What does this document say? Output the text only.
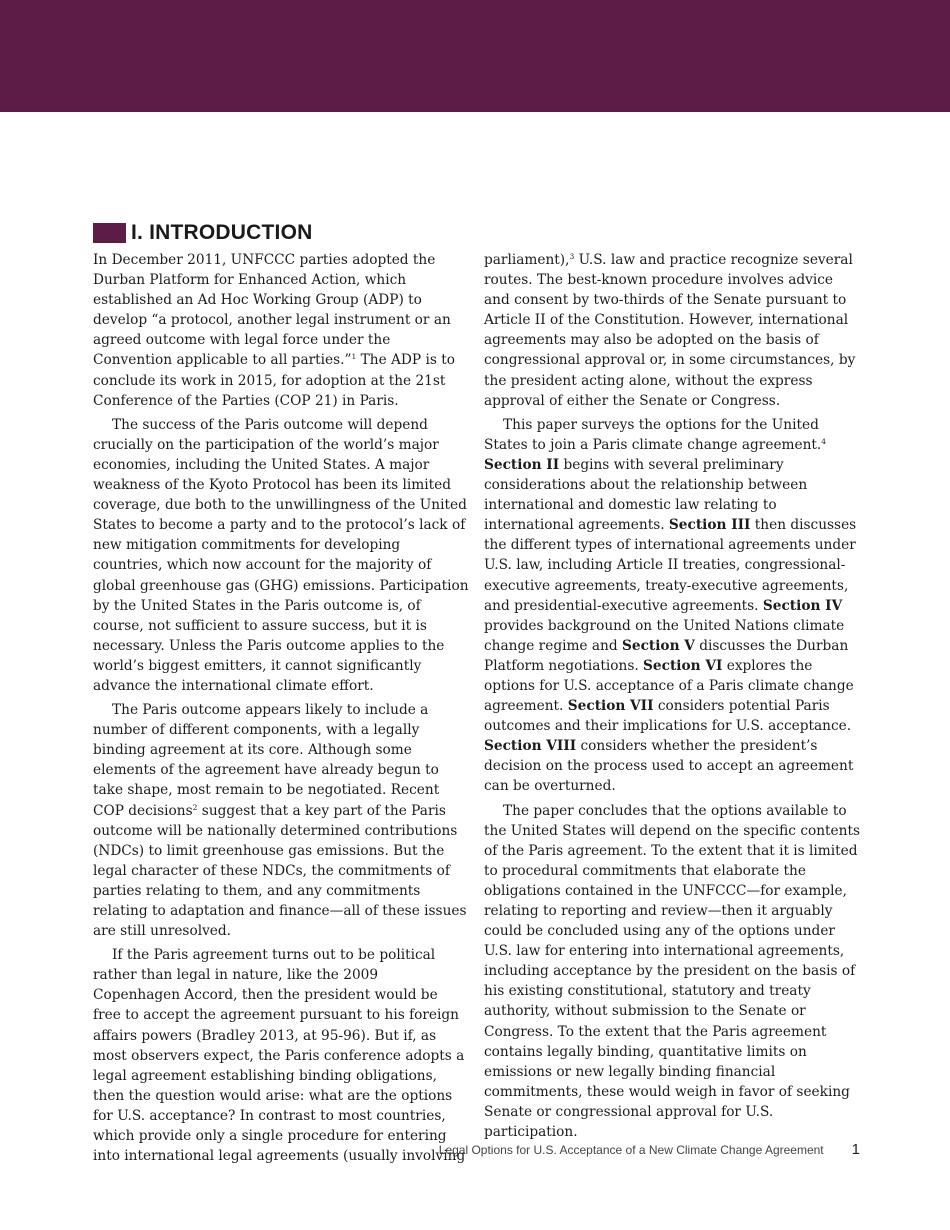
I. INTRODUCTION

In December 2011, UNFCCC parties adopted the Durban Platform for Enhanced Action, which established an Ad Hoc Working Group (ADP) to develop “a protocol, another legal instrument or an agreed outcome with legal force under the Convention applicable to all parties.”$^1$ The ADP is to conclude its work in 2015, for adoption at the 21st Conference of the Parties (COP 21) in Paris.

The success of the Paris outcome will depend crucially on the participation of the world’s major economies, including the United States. A major weakness of the Kyoto Protocol has been its limited coverage, due both to the unwillingness of the United States to become a party and to the protocol’s lack of new mitigation commitments for developing countries, which now account for the majority of global greenhouse gas (GHG) emissions. Participation by the United States in the Paris outcome is, of course, not sufficient to assure success, but it is necessary. Unless the Paris outcome applies to the world’s biggest emitters, it cannot significantly advance the international climate effort.

The Paris outcome appears likely to include a number of different components, with a legally binding agreement at its core. Although some elements of the agreement have already begun to take shape, most remain to be negotiated. Recent COP decisions$^2$ suggest that a key part of the Paris outcome will be nationally determined contributions (NDCs) to limit greenhouse gas emissions. But the legal character of these NDCs, the commitments of parties relating to them, and any commitments relating to adaptation and finance—all of these issues are still unresolved.

If the Paris agreement turns out to be political rather than legal in nature, like the 2009 Copenhagen Accord, then the president would be free to accept the agreement pursuant to his foreign affairs powers (Bradley 2013, at 95-96). But if, as most observers expect, the Paris conference adopts a legal agreement establishing binding obligations, then the question would arise: what are the options for U.S. acceptance? In contrast to most countries, which provide only a single procedure for entering into international legal agreements (usually involving

parliament),$^3$ U.S. law and practice recognize several routes. The best-known procedure involves advice and consent by two-thirds of the Senate pursuant to Article II of the Constitution. However, international agreements may also be adopted on the basis of congressional approval or, in some circumstances, by the president acting alone, without the express approval of either the Senate or Congress.

This paper surveys the options for the United States to join a Paris climate change agreement.$^4$ Section II begins with several preliminary considerations about the relationship between international and domestic law relating to international agreements. Section III then discusses the different types of international agreements under U.S. law, including Article II treaties, congressional-executive agreements, treaty-executive agreements, and presidential-executive agreements. Section IV provides background on the United Nations climate change regime and Section V discusses the Durban Platform negotiations. Section VI explores the options for U.S. acceptance of a Paris climate change agreement. Section VII considers potential Paris outcomes and their implications for U.S. acceptance. Section VIII considers whether the president’s decision on the process used to accept an agreement can be overturned.

The paper concludes that the options available to the United States will depend on the specific contents of the Paris agreement. To the extent that it is limited to procedural commitments that elaborate the obligations contained in the UNFCCC—for example, relating to reporting and review—then it arguably could be concluded using any of the options under U.S. law for entering into international agreements, including acceptance by the president on the basis of his existing constitutional, statutory and treaty authority, without submission to the Senate or Congress. To the extent that the Paris agreement contains legally binding, quantitative limits on emissions or new legally binding financial commitments, these would weigh in favor of seeking Senate or congressional approval for U.S. participation.

Legal Options for U.S. Acceptance of a New Climate Change Agreement 1
